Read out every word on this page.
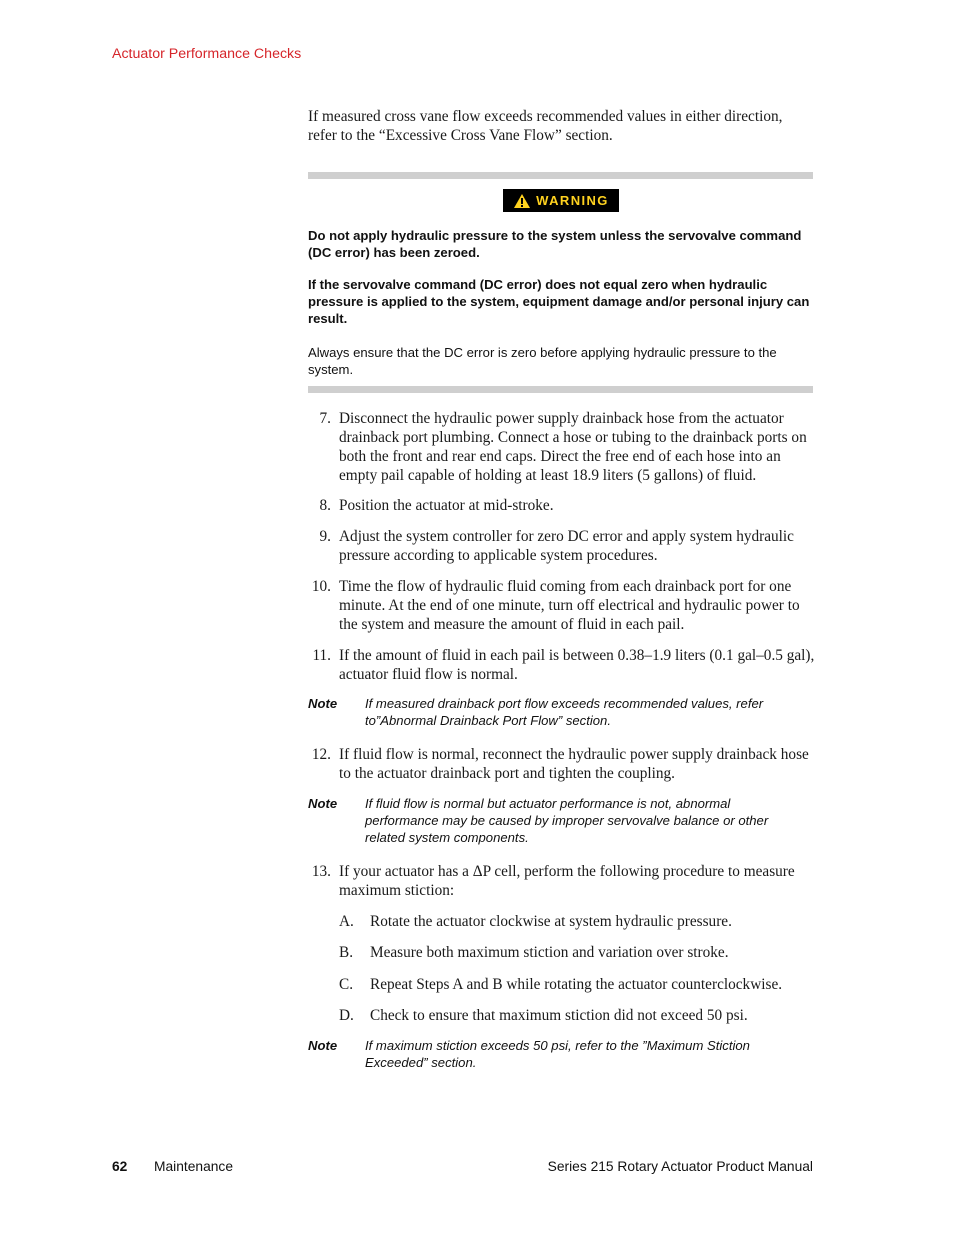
Actuator Performance Checks
If measured cross vane flow exceeds recommended values in either direction, refer to the “Excessive Cross Vane Flow” section.
WARNING
Do not apply hydraulic pressure to the system unless the servovalve command (DC error) has been zeroed.
If the servovalve command (DC error) does not equal zero when hydraulic pressure is applied to the system, equipment damage and/or personal injury can result.
Always ensure that the DC error is zero before applying hydraulic pressure to the system.
7. Disconnect the hydraulic power supply drainback hose from the actuator drainback port plumbing. Connect a hose or tubing to the drainback ports on both the front and rear end caps. Direct the free end of each hose into an empty pail capable of holding at least 18.9 liters (5 gallons) of fluid.
8. Position the actuator at mid-stroke.
9. Adjust the system controller for zero DC error and apply system hydraulic pressure according to applicable system procedures.
10. Time the flow of hydraulic fluid coming from each drainback port for one minute. At the end of one minute, turn off electrical and hydraulic power to the system and measure the amount of fluid in each pail.
11. If the amount of fluid in each pail is between 0.38–1.9 liters (0.1 gal–0.5 gal), actuator fluid flow is normal.
Note If measured drainback port flow exceeds recommended values, refer to”Abnormal Drainback Port Flow” section.
12. If fluid flow is normal, reconnect the hydraulic power supply drainback hose to the actuator drainback port and tighten the coupling.
Note If fluid flow is normal but actuator performance is not, abnormal performance may be caused by improper servovalve balance or other related system components.
13. If your actuator has a ΔP cell, perform the following procedure to measure maximum stiction:
A. Rotate the actuator clockwise at system hydraulic pressure.
B. Measure both maximum stiction and variation over stroke.
C. Repeat Steps A and B while rotating the actuator counterclockwise.
D. Check to ensure that maximum stiction did not exceed 50 psi.
Note If maximum stiction exceeds 50 psi, refer to the ”Maximum Stiction Exceeded” section.
62 Maintenance	Series 215 Rotary Actuator Product Manual
